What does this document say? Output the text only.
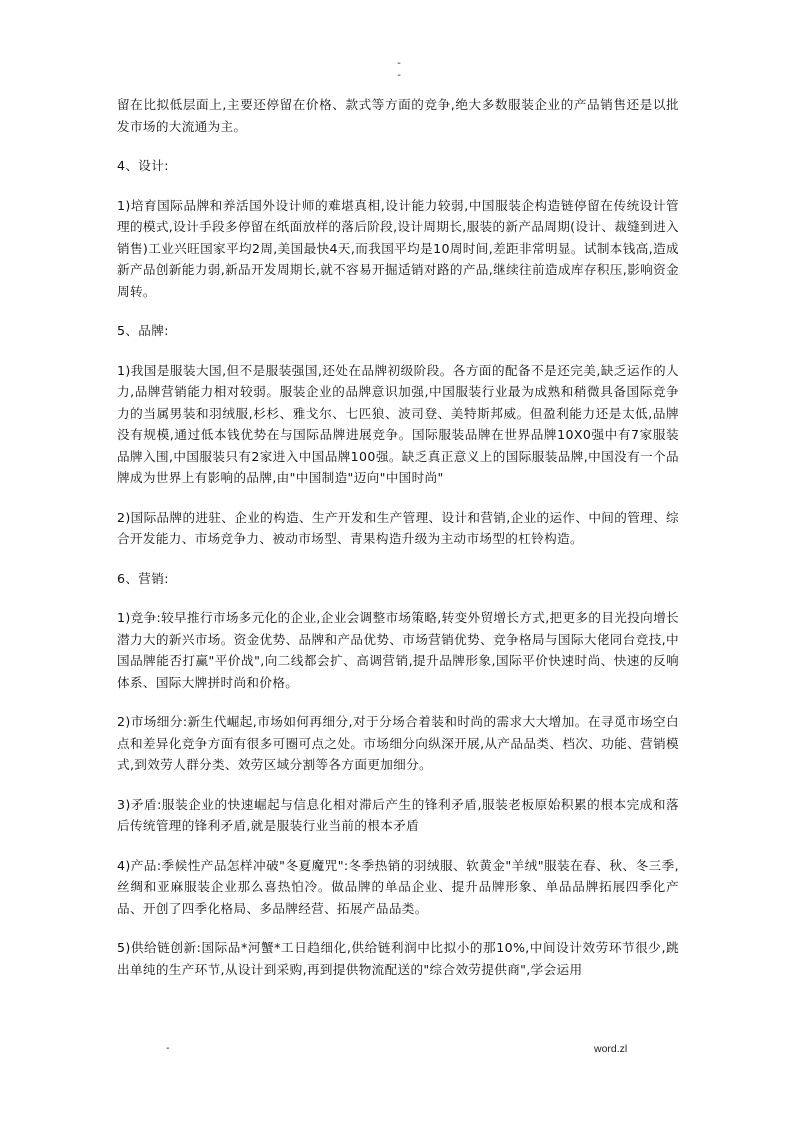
-
-

留在比拟低层面上,主要还停留在价格、款式等方面的竞争,绝大多数服装企业的产品销售还是以批发市场的大流通为主。

4、设计:

1)培育国际品牌和养活国外设计师的难堪真相,设计能力较弱,中国服装企构造链停留在传统设计管理的模式,设计手段多停留在纸面放样的落后阶段,设计周期长,服装的新产品周期(设计、裁缝到进入销售)工业兴旺国家平均2周,美国最快4天,而我国平均是10周时间,差距非常明显。试制本钱高,造成新产品创新能力弱,新品开发周期长,就不容易开掘适销对路的产品,继续往前造成库存积压,影响资金周转。

5、品牌:

1)我国是服装大国,但不是服装强国,还处在品牌初级阶段。各方面的配备不是还完美,缺乏运作的人力,品牌营销能力相对较弱。服装企业的品牌意识加强,中国服装行业最为成熟和稍微具备国际竞争力的当属男装和羽绒服,杉杉、雅戈尔、七匹狼、波司登、美特斯邦威。但盈利能力还是太低,品牌没有规模,通过低本钱优势在与国际品牌进展竞争。国际服装品牌在世界品牌10X0强中有7家服装品牌入围,中国服装只有2家进入中国品牌100强。缺乏真正意义上的国际服装品牌,中国没有一个品牌成为世界上有影响的品牌,由"中国制造"迈向"中国时尚"

2)国际品牌的进驻、企业的构造、生产开发和生产管理、设计和营销,企业的运作、中间的管理、综合开发能力、市场竞争力、被动市场型、青果构造升级为主动市场型的杠铃构造。

6、营销:

1)竞争:较早推行市场多元化的企业,企业会调整市场策略,转变外贸增长方式,把更多的目光投向增长潜力大的新兴市场。资金优势、品牌和产品优势、市场营销优势、竞争格局与国际大佬同台竞技,中国品牌能否打赢"平价战",向二线都会扩、高调营销,提升品牌形象,国际平价快速时尚、快速的反响体系、国际大牌拼时尚和价格。

2)市场细分:新生代崛起,市场如何再细分,对于分场合着装和时尚的需求大大增加。在寻觅市场空白点和差异化竞争方面有很多可圈可点之处。市场细分向纵深开展,从产品品类、档次、功能、营销模式,到效劳人群分类、效劳区域分割等各方面更加细分。

3)矛盾:服装企业的快速崛起与信息化相对滞后产生的锋利矛盾,服装老板原始积累的根本完成和落后传统管理的锋利矛盾,就是服装行业当前的根本矛盾

4)产品:季候性产品怎样冲破"冬夏魔咒":冬季热销的羽绒服、软黄金"羊绒"服装在春、秋、冬三季,丝绸和亚麻服装企业那么喜热怕冷。做品牌的单品企业、提升品牌形象、单品品牌拓展四季化产品、开创了四季化格局、多品牌经营、拓展产品品类。

5)供给链创新:国际品*河蟹*工日趋细化,供给链利润中比拟小的那10%,中间设计效劳环节很少,跳出单纯的生产环节,从设计到采购,再到提供物流配送的"综合效劳提供商",学会运用

-	word.zl
